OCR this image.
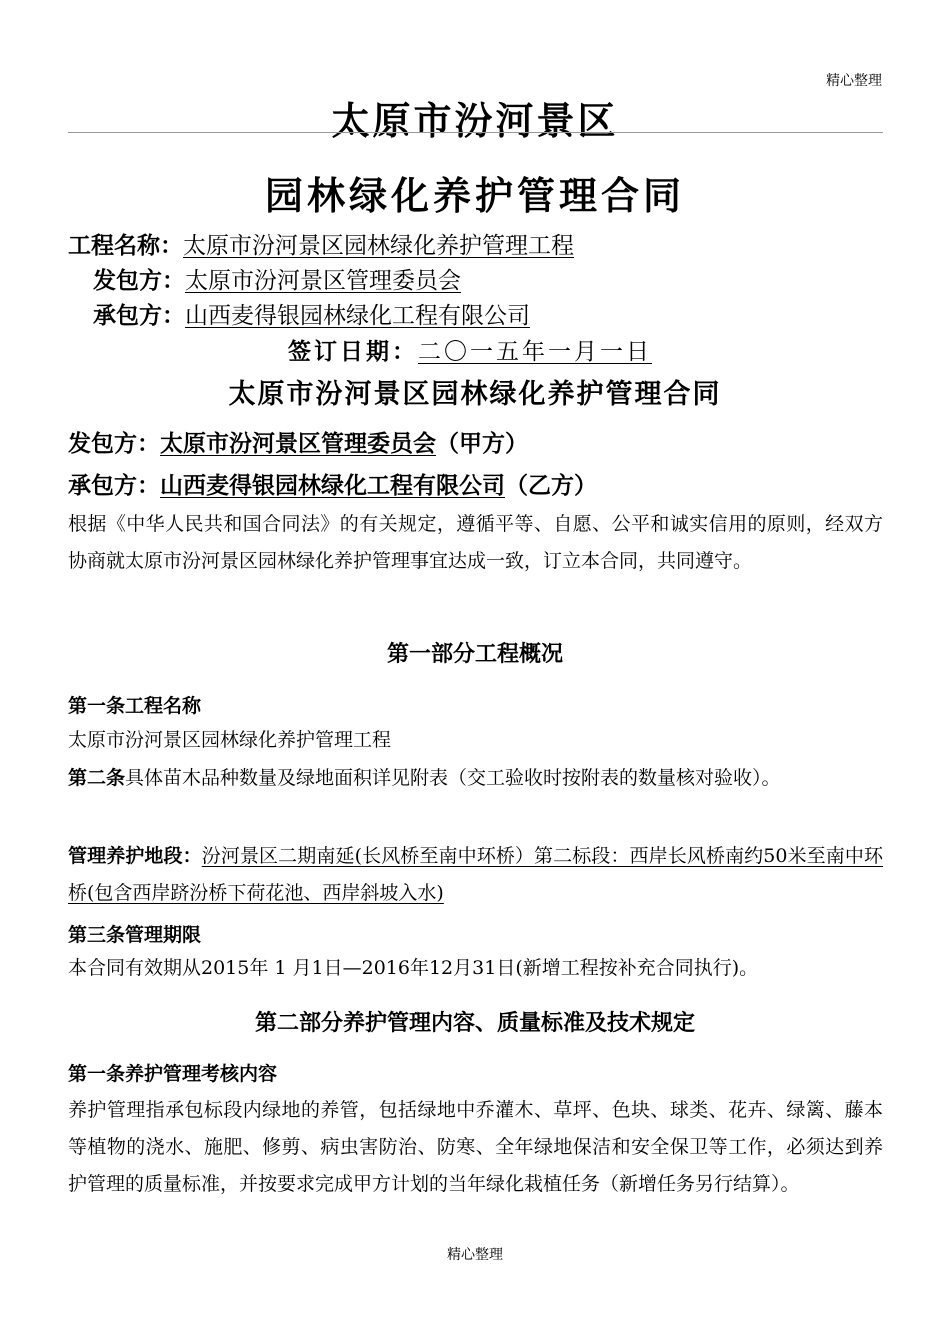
精心整理
太原市汾河景区
园林绿化养护管理合同
工程名称：太原市汾河景区园林绿化养护管理工程
发包方：太原市汾河景区管理委员会
承包方：山西麦得银园林绿化工程有限公司
签订日期：二〇一五年一月一日
太原市汾河景区园林绿化养护管理合同
发包方：太原市汾河景区管理委员会（甲方）
承包方：山西麦得银园林绿化工程有限公司（乙方）
根据《中华人民共和国合同法》的有关规定，遵循平等、自愿、公平和诚实信用的原则，经双方协商就太原市汾河景区园林绿化养护管理事宜达成一致，订立本合同，共同遵守。
第一部分工程概况
第一条工程名称
太原市汾河景区园林绿化养护管理工程
第二条具体苗木品种数量及绿地面积详见附表（交工验收时按附表的数量核对验收）。
管理养护地段：汾河景区二期南延(长风桥至南中环桥）第二标段：西岸长风桥南约50米至南中环桥(包含西岸跻汾桥下荷花池、西岸斜坡入水)
第三条管理期限
本合同有效期从2015年 1 月1日—2016年12月31日(新增工程按补充合同执行)。
第二部分养护管理内容、质量标准及技术规定
第一条养护管理考核内容
养护管理指承包标段内绿地的养管，包括绿地中乔灌木、草坪、色块、球类、花卉、绿篱、藤本等植物的浇水、施肥、修剪、病虫害防治、防寒、全年绿地保洁和安全保卫等工作，必须达到养护管理的质量标准，并按要求完成甲方计划的当年绿化栽植任务（新增任务另行结算）。
精心整理
